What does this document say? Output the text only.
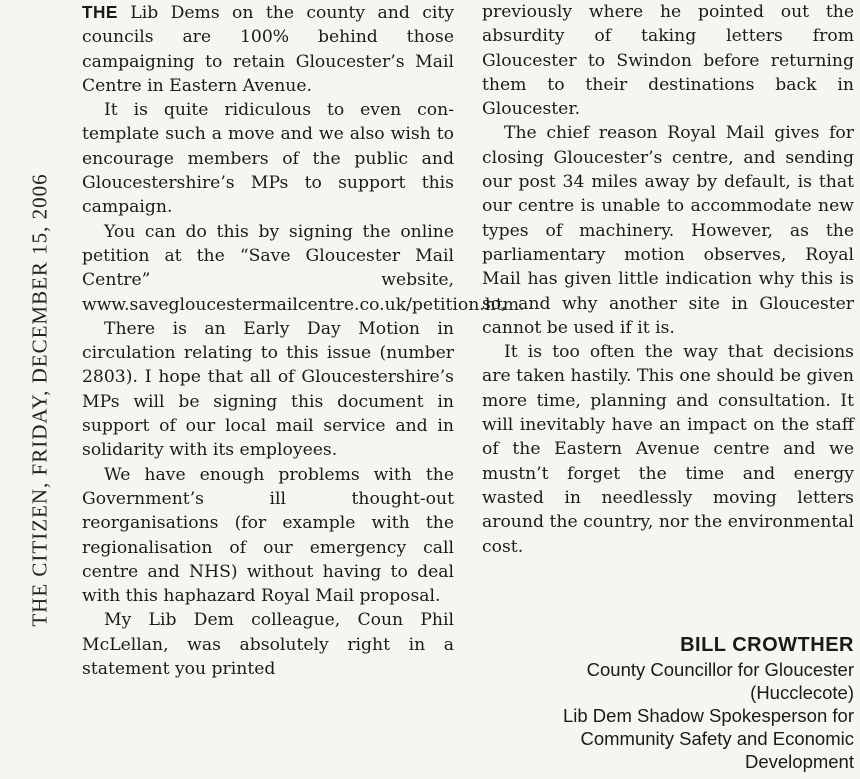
THE CITIZEN, FRIDAY, DECEMBER 15, 2006

THE Lib Dems on the county and city councils are 100% behind those campaigning to retain Gloucester’s Mail Centre in Eastern Avenue.

It is quite ridiculous to even contemplate such a move and we also wish to encourage members of the public and Gloucestershire’s MPs to support this campaign.

You can do this by signing the online petition at the “Save Gloucester Mail Centre” website, www.savegloucestermailcentre.co.uk/petition.htm.

There is an Early Day Motion in circulation relating to this issue (number 2803). I hope that all of Gloucestershire’s MPs will be signing this document in support of our local mail service and in solidarity with its employees.

We have enough problems with the Government’s ill thought-out reorganisations (for example with the regionalisation of our emergency call centre and NHS) without having to deal with this haphazard Royal Mail proposal.

My Lib Dem colleague, Coun Phil McLellan, was absolutely right in a statement you printed

previously where he pointed out the absurdity of taking letters from Gloucester to Swindon before returning them to their destinations back in Gloucester.

The chief reason Royal Mail gives for closing Gloucester’s centre, and sending our post 34 miles away by default, is that our centre is unable to accommodate new types of machinery. However, as the parliamentary motion observes, Royal Mail has given little indication why this is so, and why another site in Gloucester cannot be used if it is.

It is too often the way that decisions are taken hastily. This one should be given more time, planning and consultation. It will inevitably have an impact on the staff of the Eastern Avenue centre and we mustn’t forget the time and energy wasted in needlessly moving letters around the country, nor the environmental cost.

BILL CROWTHER
County Councillor for Gloucester
(Hucclecote)
Lib Dem Shadow Spokesperson for
Community Safety and Economic
Development
